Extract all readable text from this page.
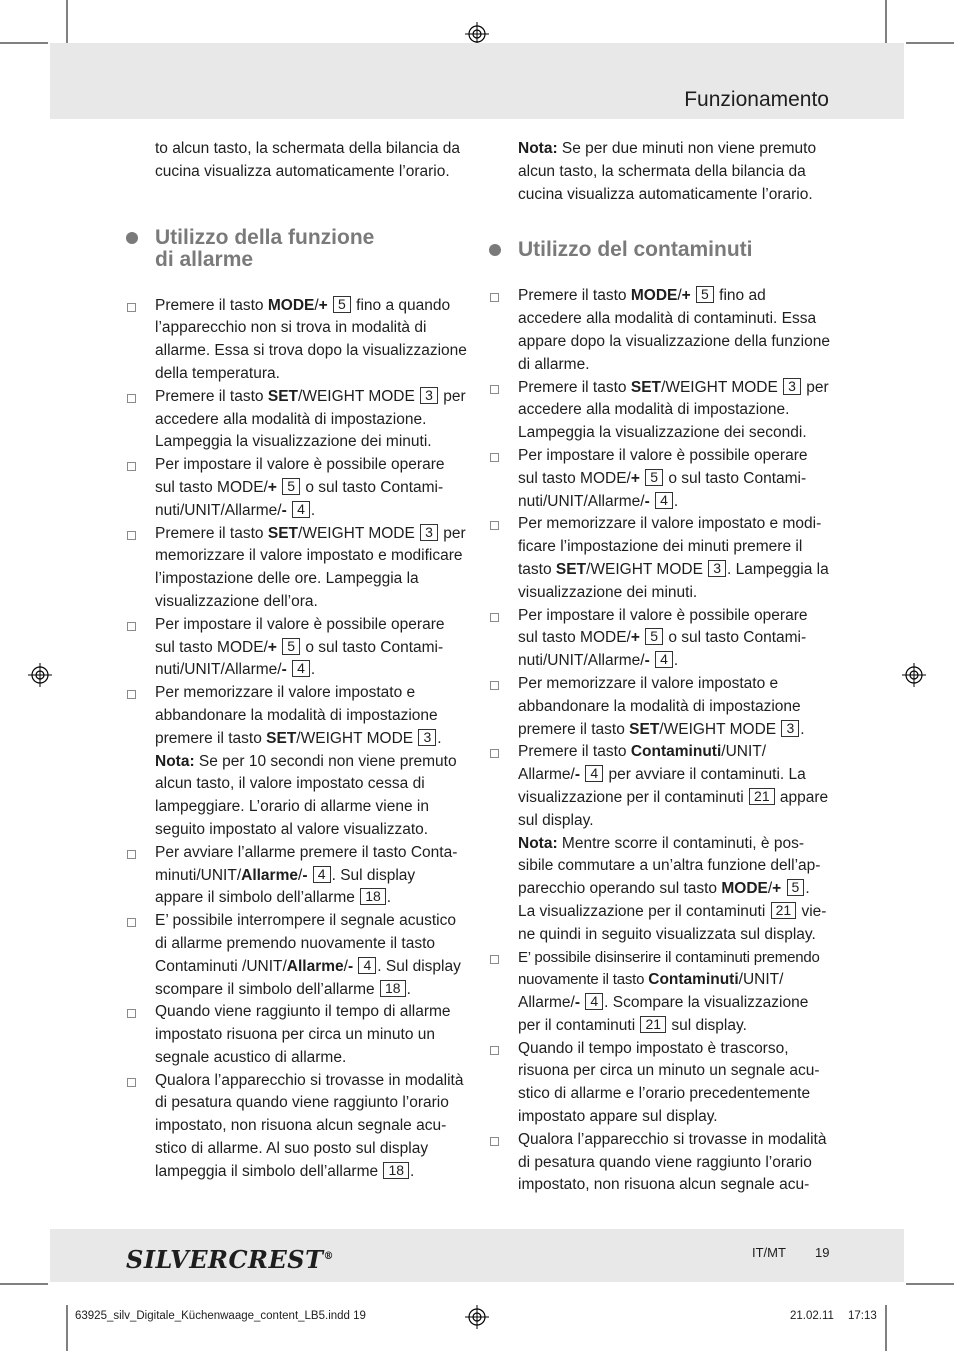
Funzionamento

to alcun tasto, la schermata della bilancia da cucina visualizza automaticamente l’orario.

Utilizzo della funzione
di allarme
Premere il tasto MODE/+ 5 fino a quando l’apparecchio non si trova in modalità di allarme. Essa si trova dopo la visualizzazione della temperatura.
Premere il tasto SET/WEIGHT MODE 3 per accedere alla modalità di impostazione. Lampeggia la visualizzazione dei minuti.
Per impostare il valore è possibile operare sul tasto MODE/+ 5 o sul tasto Contaminuti/UNIT/Allarme/- 4 .
Premere il tasto SET/WEIGHT MODE 3 per memorizzare il valore impostato e modificare l’impostazione delle ore. Lampeggia la visualizzazione dell’ora.
Per impostare il valore è possibile operare sul tasto MODE/+ 5 o sul tasto Contaminuti/UNIT/Allarme/- 4 .
Per memorizzare il valore impostato e abbandonare la modalità di impostazione premere il tasto SET/WEIGHT MODE 3 .
Nota: Se per 10 secondi non viene premuto alcun tasto, il valore impostato cessa di lampeggiare. L’orario di allarme viene in seguito impostato al valore visualizzato.
Per avviare l’allarme premere il tasto Contaminuti/UNIT/Allarme/- 4 . Sul display appare il simbolo dell’allarme 18 .
E’ possibile interrompere il segnale acustico di allarme premendo nuovamente il tasto Contaminuti /UNIT/Allarme/- 4 . Sul display scompare il simbolo dell’allarme 18 .
Quando viene raggiunto il tempo di allarme impostato risuona per circa un minuto un segnale acustico di allarme.
Qualora l’apparecchio si trovasse in modalità di pesatura quando viene raggiunto l’orario impostato, non risuona alcun segnale acustico di allarme. Al suo posto sul display lampeggia il simbolo dell’allarme 18 .

Nota: Se per due minuti non viene premuto alcun tasto, la schermata della bilancia da cucina visualizza automaticamente l’orario.

Utilizzo del contaminuti
Premere il tasto MODE/+ 5 fino ad accedere alla modalità di contaminuti. Essa appare dopo la visualizzazione della funzione di allarme.
Premere il tasto SET/WEIGHT MODE 3 per accedere alla modalità di impostazione. Lampeggia la visualizzazione dei secondi.
Per impostare il valore è possibile operare sul tasto MODE/+ 5 o sul tasto Contaminuti/UNIT/Allarme/- 4 .
Per memorizzare il valore impostato e modificare l’impostazione dei minuti premere il tasto SET/WEIGHT MODE 3 . Lampeggia la visualizzazione dei minuti.
Per impostare il valore è possibile operare sul tasto MODE/+ 5 o sul tasto Contaminuti/UNIT/Allarme/- 4 .
Per memorizzare il valore impostato e abbandonare la modalità di impostazione premere il tasto SET/WEIGHT MODE 3 .
Premere il tasto Contaminuti/UNIT/ Allarme/- 4 per avviare il contaminuti. La visualizzazione per il contaminuti 21 appare sul display.
Nota: Mentre scorre il contaminuti, è possibile commutare a un’altra funzione dell’apparecchio operando sul tasto MODE/+ 5 . La visualizzazione per il contaminuti 21 viene quindi in seguito visualizzata sul display.
E’ possibile disinserire il contaminuti premendo nuovamente il tasto Contaminuti/UNIT/ Allarme/- 4 . Scompare la visualizzazione per il contaminuti 21 sul display.
Quando il tempo impostato è trascorso, risuona per circa un minuto un segnale acustico di allarme e l’orario precedentemente impostato appare sul display.
Qualora l’apparecchio si trovasse in modalità di pesatura quando viene raggiunto l’orario impostato, non risuona alcun segnale acu-
SILVERCREST®	IT/MT 19
63925_silv_Digitale_Küchenwaage_content_LB5.indd 19	21.02.11 17:13
